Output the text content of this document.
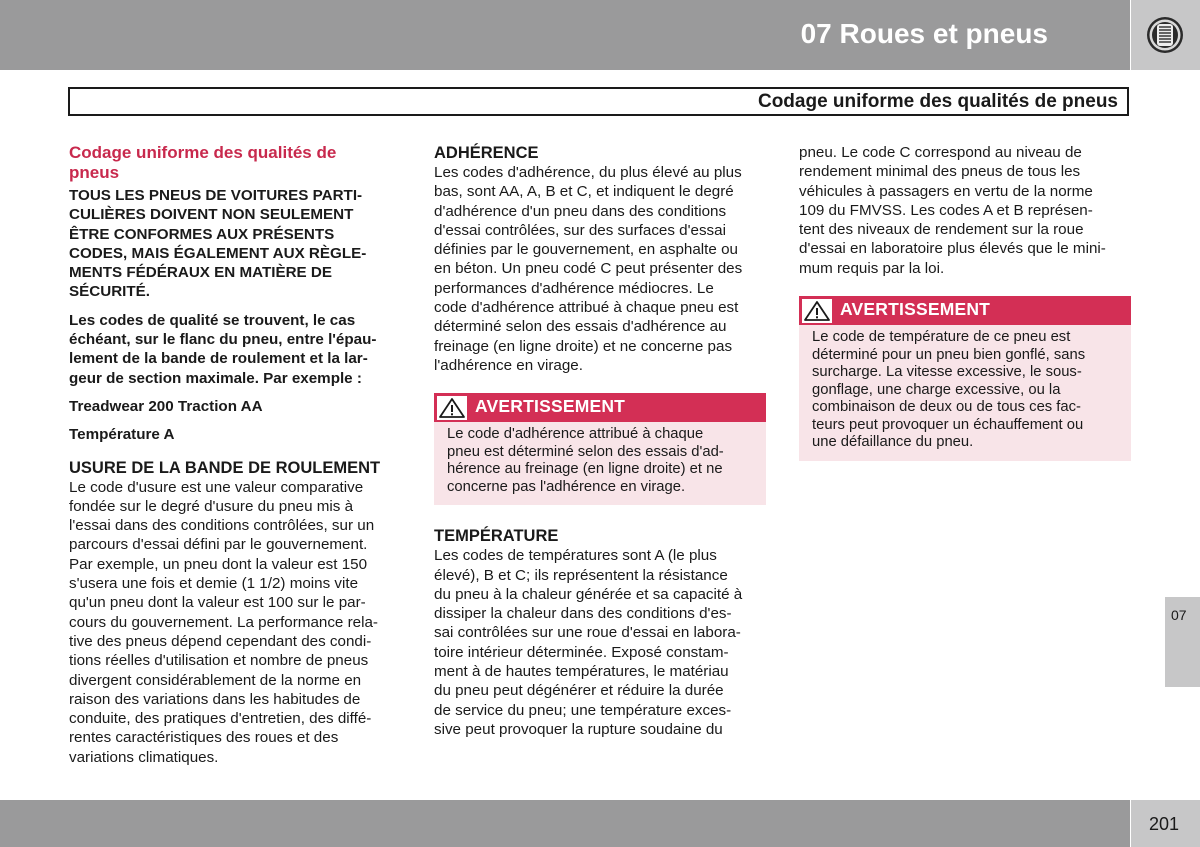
07 Roues et pneus
Codage uniforme des qualités de pneus
Codage uniforme des qualités de
pneus
TOUS LES PNEUS DE VOITURES PARTI-
CULIÈRES DOIVENT NON SEULEMENT
ÊTRE CONFORMES AUX PRÉSENTS
CODES, MAIS ÉGALEMENT AUX RÈGLE-
MENTS FÉDÉRAUX EN MATIÈRE DE
SÉCURITÉ.
Les codes de qualité se trouvent, le cas
échéant, sur le flanc du pneu, entre l'épau-
lement de la bande de roulement et la lar-
geur de section maximale. Par exemple :
Treadwear 200 Traction AA
Température A
USURE DE LA BANDE DE ROULEMENT
Le code d'usure est une valeur comparative
fondée sur le degré d'usure du pneu mis à
l'essai dans des conditions contrôlées, sur un
parcours d'essai défini par le gouvernement.
Par exemple, un pneu dont la valeur est 150
s'usera une fois et demie (1 1/2) moins vite
qu'un pneu dont la valeur est 100 sur le par-
cours du gouvernement. La performance rela-
tive des pneus dépend cependant des condi-
tions réelles d'utilisation et nombre de pneus
divergent considérablement de la norme en
raison des variations dans les habitudes de
conduite, des pratiques d'entretien, des diffé-
rentes caractéristiques des roues et des
variations climatiques.
ADHÉRENCE
Les codes d'adhérence, du plus élevé au plus
bas, sont AA, A, B et C, et indiquent le degré
d'adhérence d'un pneu dans des conditions
d'essai contrôlées, sur des surfaces d'essai
définies par le gouvernement, en asphalte ou
en béton. Un pneu codé C peut présenter des
performances d'adhérence médiocres. Le
code d'adhérence attribué à chaque pneu est
déterminé selon des essais d'adhérence au
freinage (en ligne droite) et ne concerne pas
l'adhérence en virage.
AVERTISSEMENT
Le code d'adhérence attribué à chaque
pneu est déterminé selon des essais d'ad-
hérence au freinage (en ligne droite) et ne
concerne pas l'adhérence en virage.
TEMPÉRATURE
Les codes de températures sont A (le plus
élevé), B et C; ils représentent la résistance
du pneu à la chaleur générée et sa capacité à
dissiper la chaleur dans des conditions d'es-
sai contrôlées sur une roue d'essai en labora-
toire intérieur déterminée. Exposé constam-
ment à de hautes températures, le matériau
du pneu peut dégénérer et réduire la durée
de service du pneu; une température exces-
sive peut provoquer la rupture soudaine du
pneu. Le code C correspond au niveau de
rendement minimal des pneus de tous les
véhicules à passagers en vertu de la norme
109 du FMVSS. Les codes A et B représen-
tent des niveaux de rendement sur la roue
d'essai en laboratoire plus élevés que le mini-
mum requis par la loi.
AVERTISSEMENT
Le code de température de ce pneu est
déterminé pour un pneu bien gonflé, sans
surcharge. La vitesse excessive, le sous-
gonflage, une charge excessive, ou la
combinaison de deux ou de tous ces fac-
teurs peut provoquer un échauffement ou
une défaillance du pneu.
07
201
